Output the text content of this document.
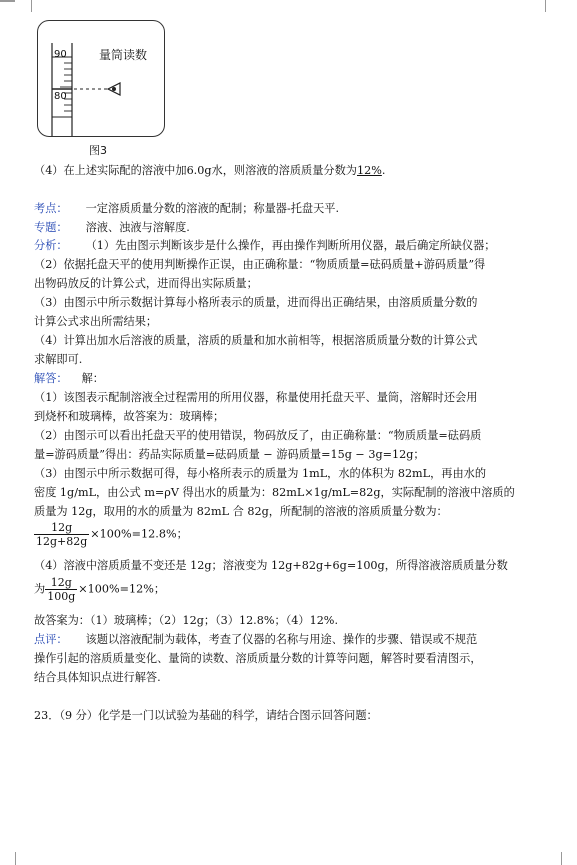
90
80
量筒读数
图3
（4）在上述实际配的溶液中加6.0g水，则溶液的溶质质量分数为12%.
考点： 一定溶质质量分数的溶液的配制；称量器-托盘天平.
专题： 溶液、浊液与溶解度.
分析： （1）先由图示判断该步是什么操作，再由操作判断所用仪器，最后确定所缺仪器；
（2）依据托盘天平的使用判断操作正误，由正确称量：“物质质量=砝码质量+游码质量”得
出物码放反的计算公式，进而得出实际质量；
（3）由图示中所示数据计算每小格所表示的质量，进而得出正确结果，由溶质质量分数的
计算公式求出所需结果；
（4）计算出加水后溶液的质量，溶质的质量和加水前相等，根据溶质质量分数的计算公式
求解即可.
解答： 解：
（1）该图表示配制溶液全过程需用的所用仪器，称量使用托盘天平、量筒，溶解时还会用
到烧杯和玻璃棒，故答案为：玻璃棒；
（2）由图示可以看出托盘天平的使用错误，物码放反了，由正确称量：“物质质量=砝码质
量=游码质量”得出：药品实际质量=砝码质量 − 游码质量=15g − 3g=12g；
（3）由图示中所示数据可得，每小格所表示的质量为 1mL，水的体积为 82mL，再由水的
密度 1g/mL，由公式 m=ρV 得出水的质量为：82mL×1g/mL=82g，实际配制的溶液中溶质的
质量为 12g，取用的水的质量为 82mL 合 82g，所配制的溶液的溶质质量分数为：
$\frac{12g}{12g+82g} \times 100\%=12.8\%$；
（4）溶液中溶质质量不变还是 12g；溶液变为 12g+82g+6g=100g，所得溶液溶质质量分数
为 $\frac{12g}{100g} \times 100\%=12\%$；
故答案为：（1）玻璃棒；（2）12g；（3）12.8%；（4）12%.
点评： 该题以溶液配制为载体，考查了仪器的名称与用途、操作的步骤、错误或不规范
操作引起的溶质质量变化、量筒的读数、溶质质量分数的计算等问题，解答时要看清图示，
结合具体知识点进行解答.
23．（9 分）化学是一门以试验为基础的科学，请结合图示回答问题：
